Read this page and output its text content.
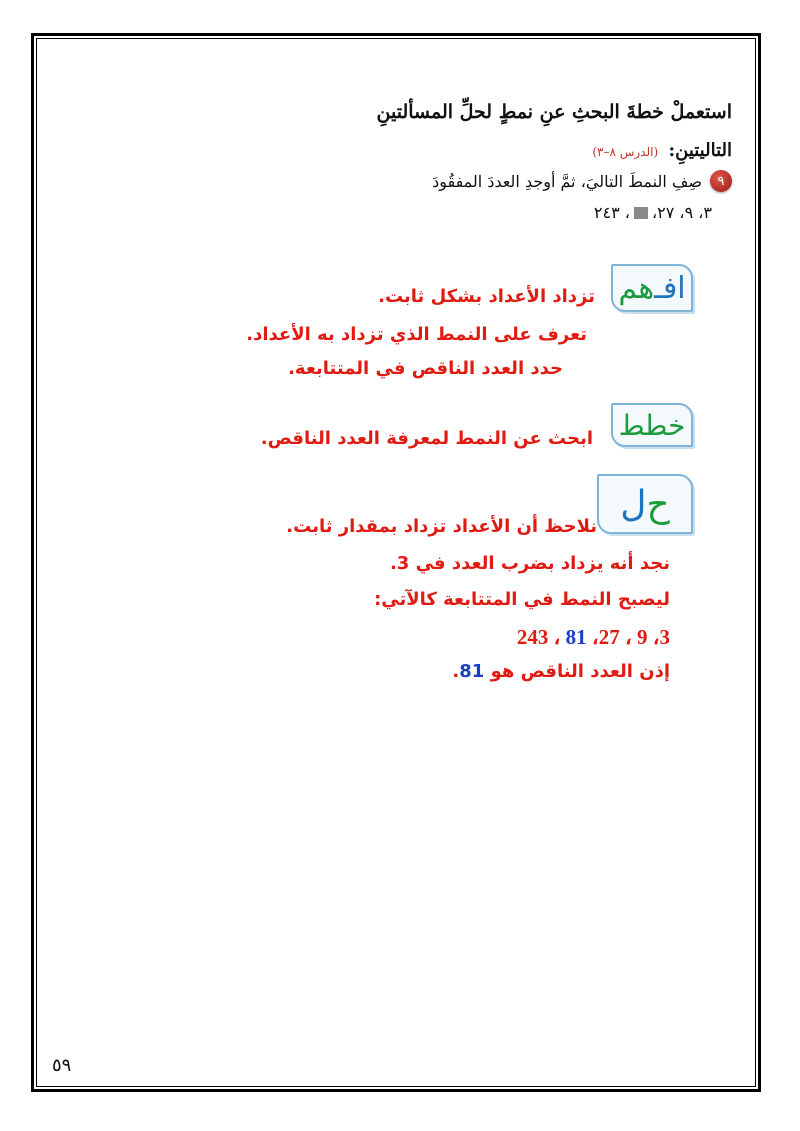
استعملْ خطةَ البحثِ عنِ نمطٍ لحلِّ المسألتينِ
التاليتينِ: (الدرس ٨–٣)
٩
صِفِ النمطَ التاليَ، ثمَّ أوجدِ العددَ المفقُودَ
٣، ٩، ٢٧،
، ٢٤٣
افـ
هم
تزداد الأعداد بشكل ثابت.
تعرف على النمط الذي تزداد به الأعداد.
حدد العدد الناقص في المتتابعة.
خطط
ابحث عن النمط لمعرفة العدد الناقص.
ح
ل
نلاحظ أن الأعداد تزداد بمقدار ثابت.
نجد أنه يزداد بضرب العدد في 3.
ليصبح النمط في المتتابعة كالآتي:
3، 9 ، 27، 81 ، 243
إذن العدد الناقص هو 81.
٥٩
